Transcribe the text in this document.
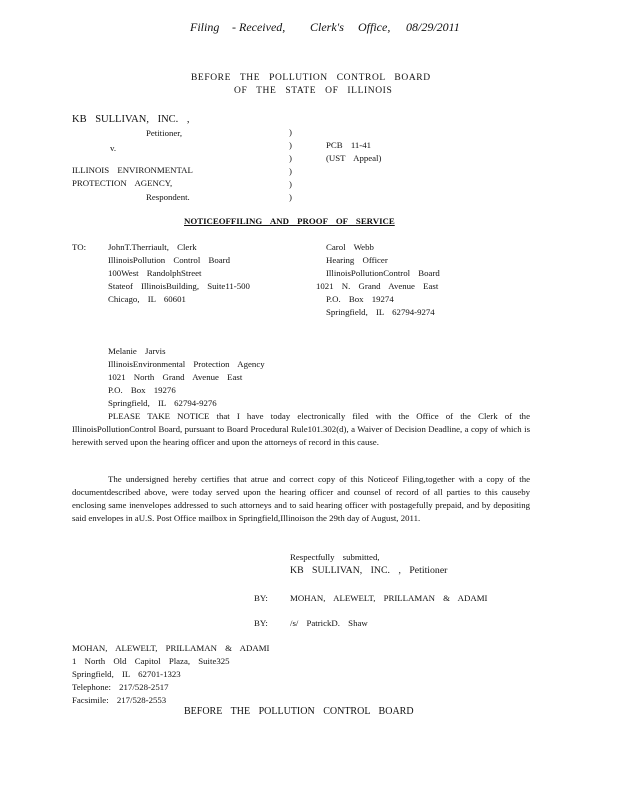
Filing - Received, Clerk's Office, 08/29/2011
BEFORE THE POLLUTION CONTROL BOARD
OF THE STATE OF ILLINOIS
KB SULLIVAN, INC. ,
Petitioner,
v.
ILLINOIS ENVIRONMENTAL
PROTECTION AGENCY,
Respondent.
)
)
)
)
)
)
PCB 11-41
(UST Appeal)
NOTICEOFFILING AND PROOF OF SERVICE
TO: JohnT.Therriault, Clerk
IllinoisPollution Control Board
100West RandolphStreet
Stateof IllinoisBuilding, Suite11-500
Chicago, IL 60601
Carol Webb
Hearing Officer
IllinoisPollutionControl Board
1021 N. Grand Avenue East
P.O. Box 19274
Springfield, IL 62794-9274
Melanie Jarvis
IllinoisEnvironmental Protection Agency
1021 North Grand Avenue East
P.O. Box 19276
Springfield, IL 62794-9276
PLEASE TAKE NOTICE that I have today electronically filed with the Office of the Clerk of the IllinoisPollutionControl Board, pursuant to Board Procedural Rule101.302(d), a Waiver of Decision Deadline, a copy of which is herewith served upon the hearing officer and upon the attorneys of record in this cause.
The undersigned hereby certifies that atrue and correct copy of this Noticeof Filing,together with a copy of the documentdescribed above, were today served upon the hearing officer and counsel of record of all parties to this causeby enclosing same inenvelopes addressed to such attorneys and to said hearing officer with postagefully prepaid, and by depositing said envelopes in aU.S. Post Office mailbox in Springfield,Illinoison the 29th day of August, 2011.
Respectfully submitted,
KB SULLIVAN, INC. , Petitioner
BY:	MOHAN, ALEWELT, PRILLAMAN & ADAMI
BY:	/s/ PatrickD. Shaw
MOHAN, ALEWELT, PRILLAMAN & ADAMI
1 North Old Capitol Plaza, Suite325
Springfield, IL 62701-1323
Telephone: 217/528-2517
Facsimile: 217/528-2553
BEFORE THE POLLUTION CONTROL BOARD
